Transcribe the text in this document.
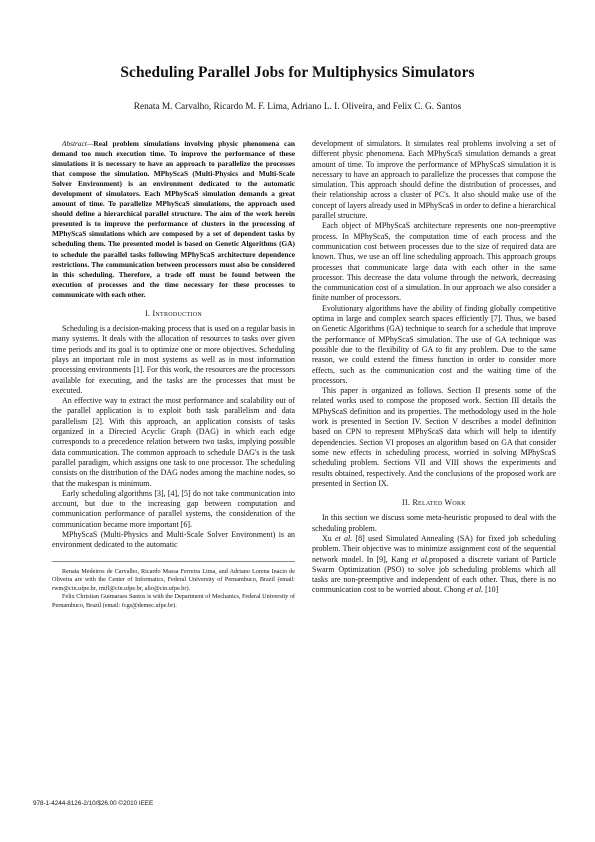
Scheduling Parallel Jobs for Multiphysics Simulators
Renata M. Carvalho, Ricardo M. F. Lima, Adriano L. I. Oliveira, and Felix C. G. Santos

Abstract—Real problem simulations involving physic phenomena can demand too much execution time. To improve the performance of these simulations it is necessary to have an approach to parallelize the processes that compose the simulation. MPhyScaS (Multi-Physics and Multi-Scale Solver Environment) is an environment dedicated to the automatic development of simulators. Each MPhyScaS simulation demands a great amount of time. To parallelize MPhyScaS simulations, the approach used should define a hierarchical parallel structure. The aim of the work herein presented is to improve the performance of clusters in the processing of MPhyScaS simulations which are composed by a set of dependent tasks by scheduling them. The presented model is based on Genetic Algorithms (GA) to schedule the parallel tasks following MPhyScaS architecture dependence restrictions. The communication between processors must also be considered in this scheduling. Therefore, a trade off must be found between the execution of processes and the time necessary for these processes to communicate with each other.

I. Introduction

Scheduling is a decision-making process that is used on a regular basis in many systems. It deals with the allocation of resources to tasks over given time periods and its goal is to optimize one or more objectives. Scheduling plays an important role in most systems as well as in most information processing environments [1]. For this work, the resources are the processors available for executing, and the tasks are the processes that must be executed.

An effective way to extract the most performance and scalability out of the parallel application is to exploit both task parallelism and data parallelism [2]. With this approach, an application consists of tasks organized in a Directed Acyclic Graph (DAG) in which each edge corresponds to a precedence relation between two tasks, implying possible data communication. The common approach to schedule DAG's is the task parallel paradigm, which assigns one task to one processor. The scheduling consists on the distribution of the DAG nodes among the machine nodes, so that the makespan is minimum.

Early scheduling algorithms [3], [4], [5] do not take communication into account, but due to the increasing gap between computation and communication performance of parallel systems, the consideration of the communication became more important [6].

MPhyScaS (Multi-Physics and Multi-Scale Solver Environment) is an environment dedicated to the automatic

Renata Medeiros de Carvalho, Ricardo Massa Ferreira Lima, and Adriano Lorena Inacio de Oliveira are with the Center of Informatics, Federal University of Pernambuco, Brazil (email: rwm@cin.ufpe.br, rmfl@cin.ufpe.br, alio@cin.ufpe.br).

Felix Christian Guimaraes Santos is with the Department of Mechanics, Federal University of Pernambuco, Brazil (email: fcgs@demec.ufpe.br).

development of simulators. It simulates real problems involving a set of different physic phenomena. Each MPhyScaS simulation demands a great amount of time. To improve the performance of MPhyScaS simulation it is necessary to have an approach to parallelize the processes that compose the simulation. This approach should define the distribution of processes, and their relationship across a cluster of PC's. It also should make use of the concept of layers already used in MPhyScaS in order to define a hierarchical parallel structure.

Each object of MPhyScaS architecture represents one non-preemptive process. In MPhyScaS, the computation time of each process and the communication cost between processes due to the size of required data are known. Thus, we use an off line scheduling approach. This approach groups processes that communicate large data with each other in the same processor. This decrease the data volume through the network, decreasing the communication cost of a simulation. In our approach we also consider a finite number of processors.

Evolutionary algorithms have the ability of finding globally competitive optima in large and complex search spaces efficiently [7]. Thus, we based on Genetic Algorithms (GA) technique to search for a schedule that improve the performance of MPhyScaS simulation. The use of GA technique was possible due to the flexibility of GA to fit any problem. Due to the same reason, we could extend the fitness function in order to consider more effects, such as the communication cost and the waiting time of the processors.

This paper is organized as follows. Section II presents some of the related works used to compose the proposed work. Section III details the MPhyScaS definition and its properties. The methodology used in the hole work is presented in Section IV. Section V describes a model definition based on CPN to represent MPhyScaS data which will help to identify dependencies. Section VI proposes an algorithm based on GA that consider some new effects in scheduling process, worried in solving MPhyScaS scheduling problem. Sections VII and VIII shows the experiments and results obtained, respectively. And the conclusions of the proposed work are presented in Section IX.

II. Related Work

In this section we discuss some meta-heuristic proposed to deal with the scheduling problem.

Xu et al. [8] used Simulated Annealing (SA) for fixed job scheduling problem. Their objective was to minimize assignment cost of the sequential network model. In [9], Kang et al.proposed a discrete variant of Particle Swarm Optimization (PSO) to solve job scheduling problems which all tasks are non-preemptive and independent of each other. Thus, there is no communication cost to be worried about. Chong et al. [10]

978-1-4244-8126-2/10/$26.00 ©2010 IEEE
